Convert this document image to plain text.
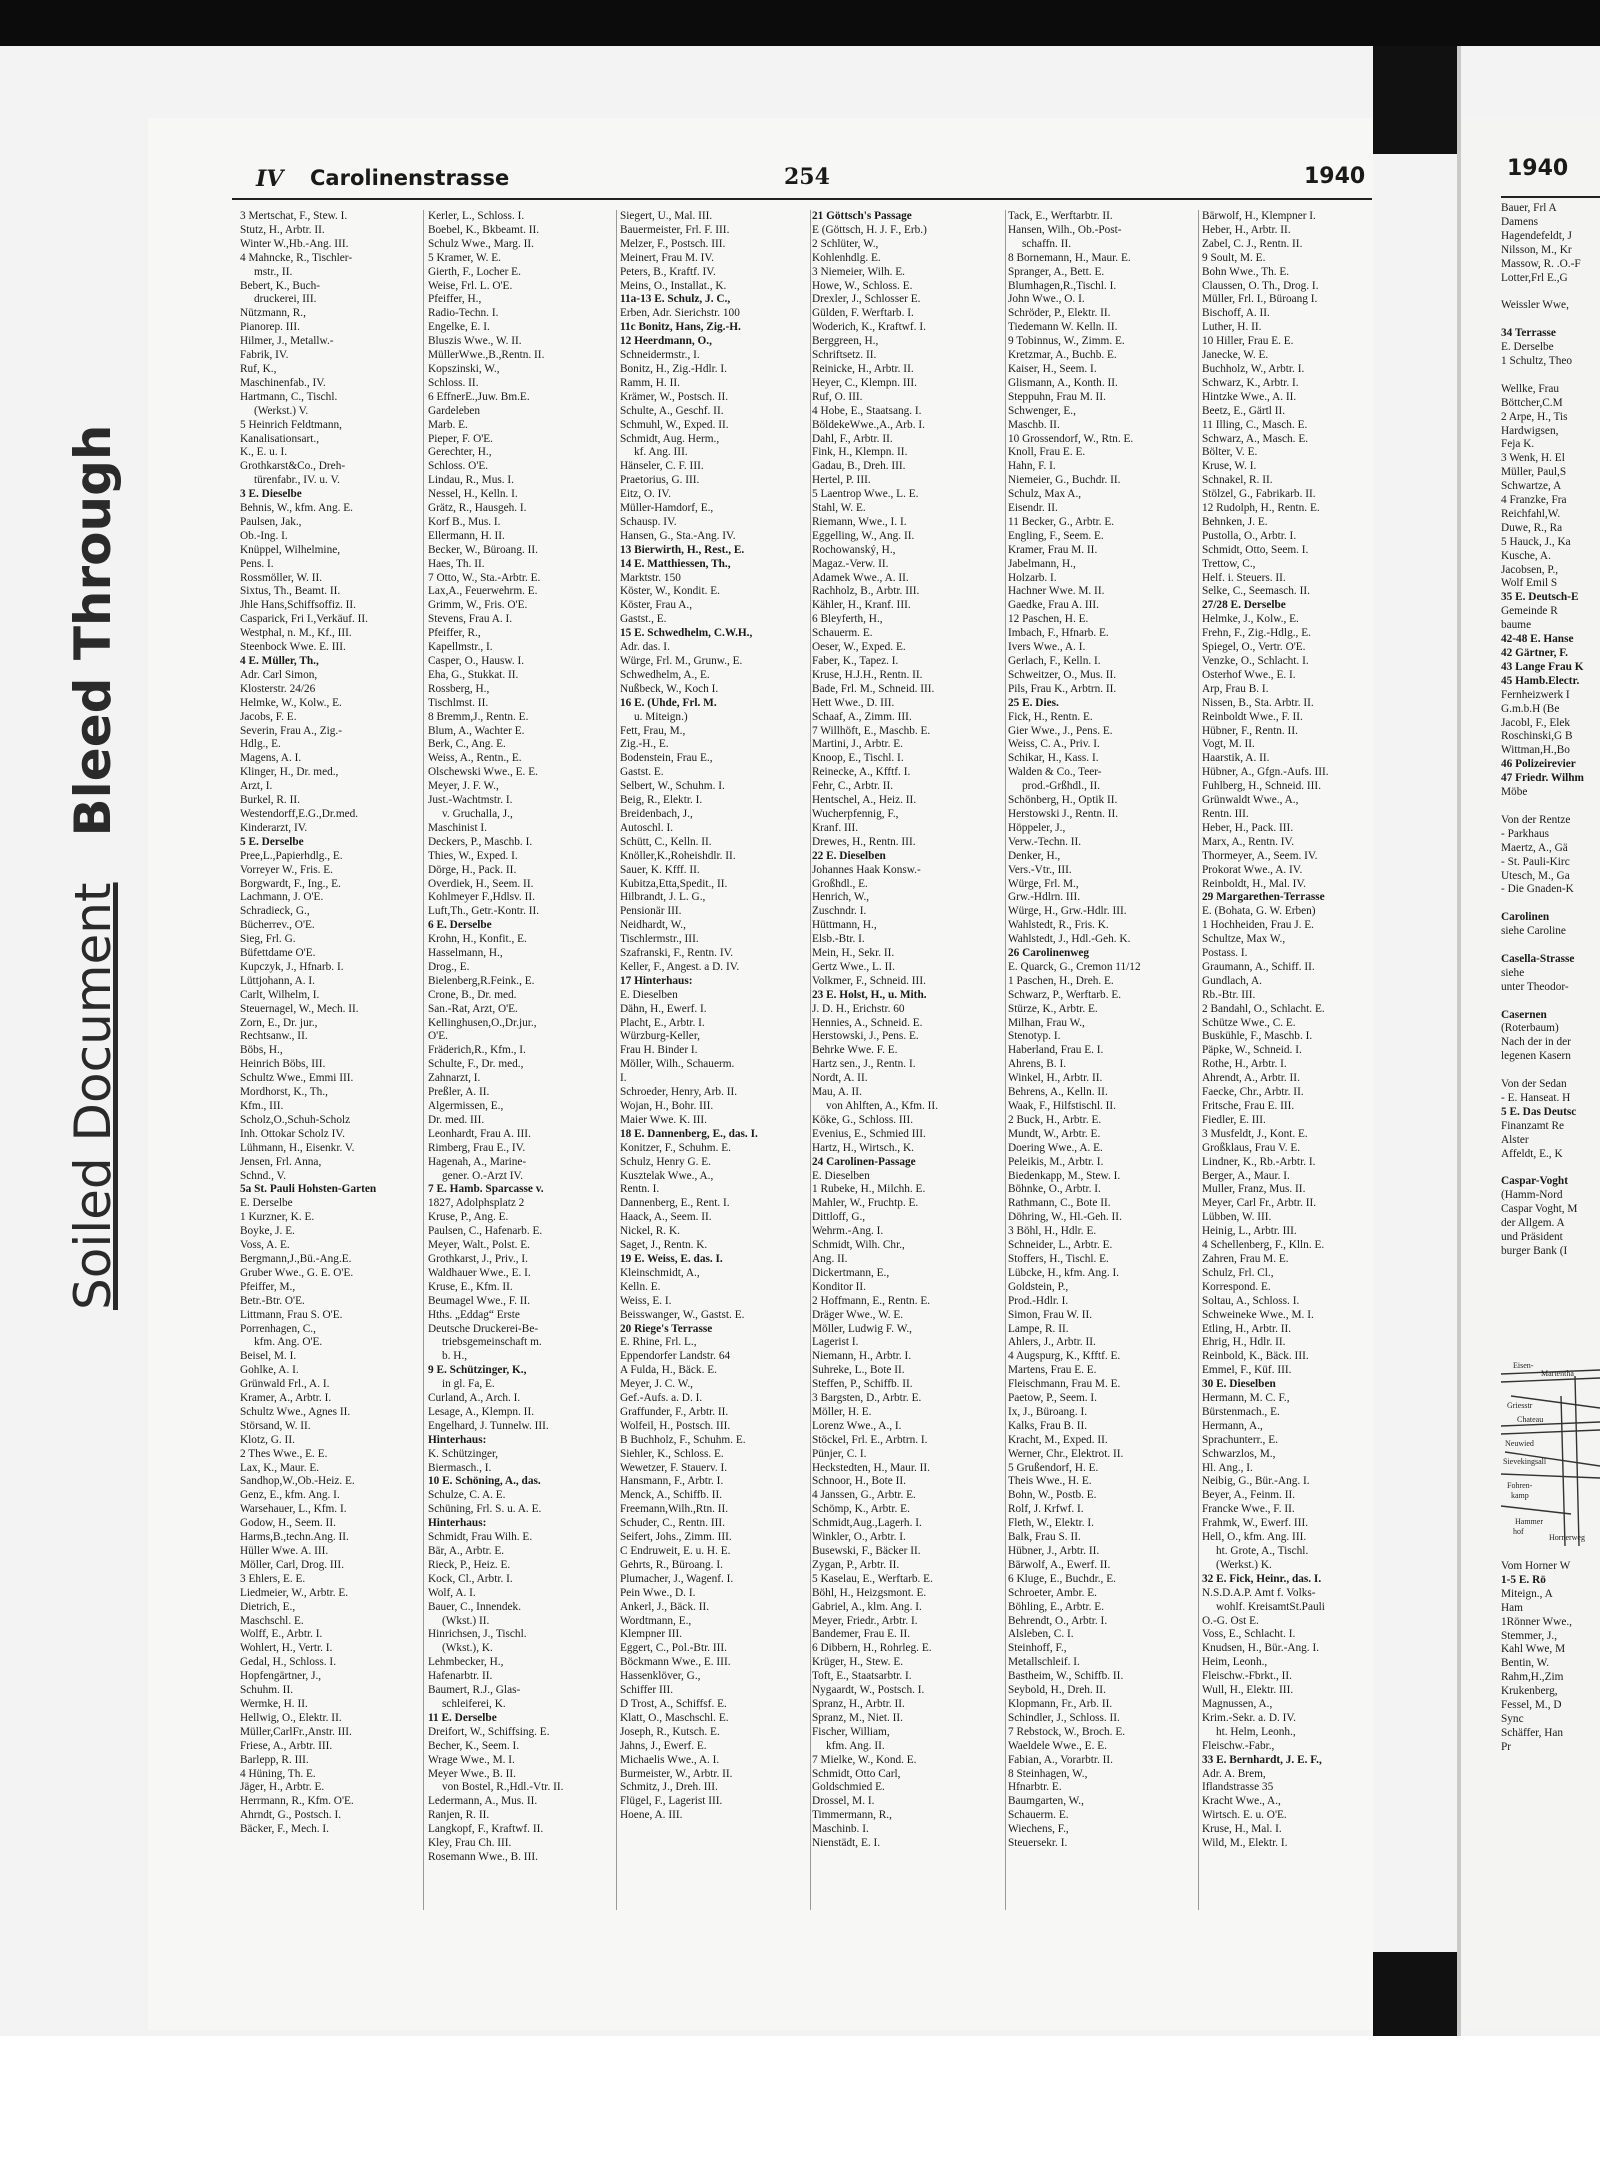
Soiled DocumentBleed Through
IV Carolinenstrasse	254	1940
3 Mertschat, F., Stew. I.
Stutz, H., Arbtr. II.
Winter W.,Hb.-Ang. III.
4 Mahncke, R., Tischler-
mstr., II.
Bebert, K., Buch-
druckerei, III.
Nützmann, R.,
Pianorep. III.
Hilmer, J., Metallw.-
Fabrik, IV.
Ruf, K.,
Maschinenfab., IV.
Hartmann, C., Tischl.
(Werkst.) V.
5 Heinrich Feldtmann,
Kanalisationsart.,
K., E. u. I.
Grothkarst&Co., Dreh-
türenfabr., IV. u. V.
3 E. Dieselbe
Behnis, W., kfm. Ang. E.
Paulsen, Jak.,
Ob.-Ing. I.
Knüppel, Wilhelmine,
Pens. I.
Rossmöller, W. II.
Sixtus, Th., Beamt. II.
Jhle Hans,Schiffsoffiz. II.
Casparick, Fri I.,Verkäuf. II.
Westphal, n. M., Kf., III.
Steenbock Wwe. E. III.
4 E. Müller, Th.,
Adr. Carl Simon,
Klosterstr. 24/26
Helmke, W., Kolw., E.
Jacobs, F. E.
Severin, Frau A., Zig.-
Hdlg., E.
Magens, A. I.
Klinger, H., Dr. med.,
Arzt, I.
Burkel, R. II.
Westendorff,E.G.,Dr.med.
Kinderarzt, IV.
5 E. Derselbe
Pree,L.,Papierhdlg., E.
Vorreyer W., Fris. E.
Borgwardt, F., Ing., E.
Lachmann, J. O'E.
Schradieck, G.,
Bücherrev., O'E.
Sieg, Frl. G.
Büfettdame O'E.
Kupczyk, J., Hfnarb. I.
Lüttjohann, A. I.
Carlt, Wilhelm, I.
Steuernagel, W., Mech. II.
Zorn, E., Dr. jur.,
Rechtsanw., II.
Böbs, H.,
Heinrich Böbs, III.
Schultz Wwe., Emmi III.
Mordhorst, K., Th.,
Kfm., III.
Scholz,O.,Schuh-Scholz
Inh. Ottokar Scholz IV.
Lühmann, H., Eisenkr. V.
Jensen, Frl. Anna,
Schnd., V.
5a St. Pauli Hohsten-Garten
E. Derselbe
1 Kurzner, K. E.
Boyke, J. E.
Voss, A. E.
Bergmann,J.,Bü.-Ang.E.
Gruber Wwe., G. E. O'E.
Pfeiffer, M.,
Betr.-Btr. O'E.
Littmann, Frau S. O'E.
Porrenhagen, C.,
kfm. Ang. O'E.
Beisel, M. I.
Gohlke, A. I.
Grünwald Frl., A. I.
Kramer, A., Arbtr. I.
Schultz Wwe., Agnes II.
Störsand, W. II.
Klotz, G. II.
2 Thes Wwe., E. E.
Lax, K., Maur. E.
Sandhop,W.,Ob.-Heiz. E.
Genz, E., kfm. Ang. I.
Warsehauer, L., Kfm. I.
Godow, H., Seem. II.
Harms,B.,techn.Ang. II.
Hüller Wwe. A. III.
Möller, Carl, Drog. III.
3 Ehlers, E. E.
Liedmeier, W., Arbtr. E.
Dietrich, E.,
Maschschl. E.
Wolff, E., Arbtr. I.
Wohlert, H., Vertr. I.
Gedal, H., Schloss. I.
Hopfengärtner, J.,
Schuhm. II.
Wermke, H. II.
Hellwig, O., Elektr. II.
Müller,CarlFr.,Anstr. III.
Friese, A., Arbtr. III.
Barlepp, R. III.
4 Hüning, Th. E.
Jäger, H., Arbtr. E.
Herrmann, R., Kfm. O'E.
Ahrndt, G., Postsch. I.
Bäcker, F., Mech. I.
Kerler, L., Schloss. I.
Boebel, K., Bkbeamt. II.
Schulz Wwe., Marg. II.
5 Kramer, W. E.
Gierth, F., Locher E.
Weise, Frl. L. O'E.
Pfeiffer, H.,
Radio-Techn. I.
Engelke, E. I.
Bluszis Wwe., W. II.
MüllerWwe.,B.,Rentn. II.
Kopszinski, W.,
Schloss. II.
6 EffnerE.,Juw. Bm.E.
Gardeleben
Marb. E.
Pieper, F. O'E.
Gerechter, H.,
Schloss. O'E.
Lindau, R., Mus. I.
Nessel, H., Kelln. I.
Grätz, R., Hausgeh. I.
Korf B., Mus. I.
Ellermann, H. II.
Becker, W., Büroang. II.
Haes, Th. II.
7 Otto, W., Sta.-Arbtr. E.
Lax,A., Feuerwehrm. E.
Grimm, W., Fris. O'E.
Stevens, Frau A. I.
Pfeiffer, R.,
Kapellmstr., I.
Casper, O., Hausw. I.
Eha, G., Stukkat. II.
Rossberg, H.,
Tischlmst. II.
8 Bremm,J., Rentn. E.
Blum, A., Wachter E.
Berk, C., Ang. E.
Weiss, A., Rentn., E.
Olschewski Wwe., E. E.
Meyer, J. F. W.,
Just.-Wachtmstr. I.
v. Gruchalla, J.,
Maschinist I.
Deckers, P., Maschb. I.
Thies, W., Exped. I.
Dörge, H., Pack. II.
Overdiek, H., Seem. II.
Kohlmeyer F.,Hdlsv. II.
Luft,Th., Getr.-Kontr. II.
6 E. Derselbe
Krohn, H., Konfit., E.
Hasselmann, H.,
Drog., E.
Bielenberg,R.Feink., E.
Crone, B., Dr. med.
San.-Rat, Arzt, O'E.
Kellinghusen,O.,Dr.jur.,
O'E.
Fräderich,R., Kfm., I.
Schulte, F., Dr. med.,
Zahnarzt, I.
Preßler, A. II.
Algermissen, E.,
Dr. med. III.
Leonhardt, Frau A. III.
Rimberg, Frau E., IV.
Hagenah, A., Marine-
gener. O.-Arzt IV.
7 E. Hamb. Sparcasse v.
1827, Adolphsplatz 2
Kruse, P., Ang. E.
Paulsen, C., Hafenarb. E.
Meyer, Walt., Polst. E.
Grothkarst, J., Priv., I.
Waldhauer Wwe., E. I.
Kruse, E., Kfm. II.
Beumagel Wwe., F. II.
Hths. „Eddag“ Erste
Deutsche Druckerei-Be-
triebsgemeinschaft m.
b. H.,
9 E. Schützinger, K.,
in gl. Fa, E.
Curland, A., Arch. I.
Lesage, A., Klempn. II.
Engelhard, J. Tunnelw. III.
Hinterhaus:
K. Schützinger,
Biermasch., I.
10 E. Schöning, A., das.
Schulze, C. A. E.
Schüning, Frl. S. u. A. E.
Hinterhaus:
Schmidt, Frau Wilh. E.
Bär, A., Arbtr. E.
Rieck, P., Heiz. E.
Kock, Cl., Arbtr. I.
Wolf, A. I.
Bauer, C., Innendek.
(Wkst.) II.
Hinrichsen, J., Tischl.
(Wkst.), K.
Lehmbecker, H.,
Hafenarbtr. II.
Baumert, R.J., Glas-
schleiferei, K.
11 E. Derselbe
Dreifort, W., Schiffsing. E.
Becher, K., Seem. I.
Wrage Wwe., M. I.
Meyer Wwe., B. II.
von Bostel, R.,Hdl.-Vtr. II.
Ledermann, A., Mus. II.
Ranjen, R. II.
Langkopf, F., Kraftwf. II.
Kley, Frau Ch. III.
Rosemann Wwe., B. III.
Siegert, U., Mal. III.
Bauermeister, Frl. F. III.
Melzer, F., Postsch. III.
Meinert, Frau M. IV.
Peters, B., Kraftf. IV.
Meins, O., Installat., K.
11a-13 E. Schulz, J. C.,
Erben, Adr. Sierichstr. 100
11c Bonitz, Hans, Zig.-H.
12 Heerdmann, O.,
Schneidermstr., I.
Bonitz, H., Zig.-Hdlr. I.
Ramm, H. II.
Krämer, W., Postsch. II.
Schulte, A., Geschf. II.
Schmuhl, W., Exped. II.
Schmidt, Aug. Herm.,
kf. Ang. III.
Hänseler, C. F. III.
Praetorius, G. III.
Eitz, O. IV.
Müller-Hamdorf, E.,
Schausp. IV.
Hansen, G., Sta.-Ang. IV.
13 Bierwirth, H., Rest., E.
14 E. Matthiessen, Th.,
Marktstr. 150
Köster, W., Kondit. E.
Köster, Frau A.,
Gastst., E.
15 E. Schwedhelm, C.W.H.,
Adr. das. I.
Würge, Frl. M., Grunw., E.
Schwedhelm, A., E.
Nußbeck, W., Koch I.
16 E. (Uhde, Frl. M.
u. Miteign.)
Fett, Frau, M.,
Zig.-H., E.
Bodenstein, Frau E.,
Gastst. E.
Selbert, W., Schuhm. I.
Beig, R., Elektr. I.
Breidenbach, J.,
Autoschl. I.
Schütt, C., Kelln. II.
Knöller,K.,Roheishdlr. II.
Sauer, K. Kfff. II.
Kubitza,Etta,Spedit., II.
Hilbrandt, J. L. G.,
Pensionär III.
Neidhardt, W.,
Tischlermstr., III.
Szafranski, F., Rentn. IV.
Keller, F., Angest. a D. IV.
17 Hinterhaus:
E. Dieselben
Dähn, H., Ewerf. I.
Placht, E., Arbtr. I.
Würzburg-Keller,
Frau H. Binder I.
Möller, Wilh., Schauerm.
I.
Schroeder, Henry, Arb. II.
Wojan, H., Bohr. III.
Maier Wwe. K. III.
18 E. Dannenberg, E., das. I.
Konitzer, F., Schuhm. E.
Schulz, Henry G. E.
Kusztelak Wwe., A.,
Rentn. I.
Dannenberg, E., Rent. I.
Haack, A., Seem. II.
Nickel, R. K.
Saget, J., Rentn. K.
19 E. Weiss, E. das. I.
Kleinschmidt, A.,
Kelln. E.
Weiss, E. I.
Beisswanger, W., Gastst. E.
20 Riege's Terrasse
E. Rhine, Frl. L.,
Eppendorfer Landstr. 64
A Fulda, H., Bäck. E.
Meyer, J. C. W.,
Gef.-Aufs. a. D. I.
Graffunder, F., Arbtr. II.
Wolfeil, H., Postsch. III.
B Buchholz, F., Schuhm. E.
Siehler, K., Schloss. E.
Wewetzer, F. Stauerv. I.
Hansmann, F., Arbtr. I.
Menck, A., Schiffb. II.
Freemann,Wilh.,Rtn. II.
Schuder, C., Rentn. III.
Seifert, Johs., Zimm. III.
C Endruweit, E. u. H. E.
Gehrts, R., Büroang. I.
Plumacher, J., Wagenf. I.
Pein Wwe., D. I.
Ankerl, J., Bäck. II.
Wordtmann, E.,
Klempner III.
Eggert, C., Pol.-Btr. III.
Böckmann Wwe., E. III.
Hassenklöver, G.,
Schiffer III.
D Trost, A., Schiffsf. E.
Klatt, O., Maschschl. E.
Joseph, R., Kutsch. E.
Jahns, J., Ewerf. E.
Michaelis Wwe., A. I.
Burmeister, W., Arbtr. II.
Schmitz, J., Dreh. III.
Flügel, F., Lagerist III.
Hoene, A. III.
21 Göttsch's Passage
E (Göttsch, H. J. F., Erb.)
2 Schlüter, W.,
Kohlenhdlg. E.
3 Niemeier, Wilh. E.
Howe, W., Schloss. E.
Drexler, J., Schlosser E.
Gülden, F. Werftarb. I.
Woderich, K., Kraftwf. I.
Berggreen, H.,
Schriftsetz. II.
Reinicke, H., Arbtr. II.
Heyer, C., Klempn. III.
Ruf, O. III.
4 Hobe, E., Staatsang. I.
BöldekeWwe.,A., Arb. I.
Dahl, F., Arbtr. II.
Fink, H., Klempn. II.
Gadau, B., Dreh. III.
Hertel, P. III.
5 Laentrop Wwe., L. E.
Stahl, W. E.
Riemann, Wwe., I. I.
Eggelling, W., Ang. II.
Rochowanský, H.,
Magaz.-Verw. II.
Adamek Wwe., A. II.
Rachholz, B., Arbtr. III.
Kähler, H., Kranf. III.
6 Bleyferth, H.,
Schauerm. E.
Oeser, W., Exped. E.
Faber, K., Tapez. I.
Kruse, H.J.H., Rentn. II.
Bade, Frl. M., Schneid. III.
Hett Wwe., D. III.
Schaaf, A., Zimm. III.
7 Willhöft, E., Maschb. E.
Martini, J., Arbtr. E.
Knoop, E., Tischl. I.
Reinecke, A., Kfftf. I.
Fehr, C., Arbtr. II.
Hentschel, A., Heiz. II.
Wucherpfennig, F.,
Kranf. III.
Drewes, H., Rentn. III.
22 E. Dieselben
Johannes Haak Konsw.-
Großhdl., E.
Henrich, W.,
Zuschndr. I.
Hüttmann, H.,
Elsb.-Btr. I.
Mein, H., Sekr. II.
Gertz Wwe., L. II.
Volkmer, F., Schneid. III.
23 E. Holst, H., u. Mith.
J. D. H., Erichstr. 60
Hennies, A., Schneid. E.
Herstowski, J., Pens. E.
Behrke Wwe. F. E.
Hartz sen., J., Rentn. I.
Nordt, A. II.
Mau, A. II.
von Ahlften, A., Kfm. II.
Köke, G., Schloss. III.
Evenius, E., Schmied III.
Hartz, H., Wirtsch., K.
24 Carolinen-Passage
E. Dieselben
1 Rubeke, H., Milchh. E.
Mahler, W., Fruchtp. E.
Dittloff, G.,
Wehrm.-Ang. I.
Schmidt, Wilh. Chr.,
Ang. II.
Dickertmann, E.,
Konditor II.
2 Hoffmann, E., Rentn. E.
Dräger Wwe., W. E.
Möller, Ludwig F. W.,
Lagerist I.
Niemann, H., Arbtr. I.
Suhreke, L., Bote II.
Steffen, P., Schiffb. II.
3 Bargsten, D., Arbtr. E.
Möller, H. E.
Lorenz Wwe., A., I.
Stöckel, Frl. E., Arbtrn. I.
Pünjer, C. I.
Heckstedten, H., Maur. II.
Schnoor, H., Bote II.
4 Janssen, G., Arbtr. E.
Schömp, K., Arbtr. E.
Schmidt,Aug.,Lagerh. I.
Winkler, O., Arbtr. I.
Busewski, F., Bäcker II.
Zygan, P., Arbtr. II.
5 Kaselau, E., Werftarb. E.
Böhl, H., Heizgsmont. E.
Gabriel, A., klm. Ang. I.
Meyer, Friedr., Arbtr. I.
Bandemer, Frau E. II.
6 Dibbern, H., Rohrleg. E.
Krüger, H., Stew. E.
Toft, E., Staatsarbtr. I.
Nygaardt, W., Postsch. I.
Spranz, H., Arbtr. II.
Spranz, M., Niet. II.
Fischer, William,
kfm. Ang. II.
7 Mielke, W., Kond. E.
Schmidt, Otto Carl,
Goldschmied E.
Drossel, M. I.
Timmermann, R.,
Maschinb. I.
Nienstädt, E. I.
Tack, E., Werftarbtr. II.
Hansen, Wilh., Ob.-Post-
schaffn. II.
8 Bornemann, H., Maur. E.
Spranger, A., Bett. E.
Blumhagen,R.,Tischl. I.
John Wwe., O. I.
Schröder, P., Elektr. II.
Tiedemann W. Kelln. II.
9 Tobinnus, W., Zimm. E.
Kretzmar, A., Buchb. E.
Kaiser, H., Seem. I.
Glismann, A., Konth. II.
Steppuhn, Frau M. II.
Schwenger, E.,
Maschb. II.
10 Grossendorf, W., Rtn. E.
Knoll, Frau E. E.
Hahn, F. I.
Niemeier, G., Buchdr. II.
Schulz, Max A.,
Eisendr. II.
11 Becker, G., Arbtr. E.
Engling, F., Seem. E.
Kramer, Frau M. II.
Jabelmann, H.,
Holzarb. I.
Hachner Wwe. M. II.
Gaedke, Frau A. III.
12 Paschen, H. E.
Imbach, F., Hfnarb. E.
Ivers Wwe., A. I.
Gerlach, F., Kelln. I.
Schweitzer, O., Mus. II.
Pils, Frau K., Arbtrn. II.
25 E. Dies.
Fick, H., Rentn. E.
Gier Wwe., J., Pens. E.
Weiss, C. A., Priv. I.
Schikar, H., Kass. I.
Walden & Co., Teer-
prod.-Grßhdl., II.
Schönberg, H., Optik II.
Herstowski J., Rentn. II.
Höppeler, J.,
Verw.-Techn. II.
Denker, H.,
Vers.-Vtr., III.
Würge, Frl. M.,
Grw.-Hdlrn. III.
Würge, H., Grw.-Hdlr. III.
Wahlstedt, R., Fris. K.
Wahlstedt, J., Hdl.-Geh. K.
26 Carolinenweg
E. Quarck, G., Cremon 11/12
1 Paschen, H., Dreh. E.
Schwarz, P., Werftarb. E.
Stürze, K., Arbtr. E.
Milhan, Frau W.,
Stenotyp. I.
Haberland, Frau E. I.
Ahrens, B. I.
Winkel, H., Arbtr. II.
Behrens, A., Kelln. II.
Waak, F., Hilfstischl. II.
2 Buck, H., Arbtr. E.
Mundt, W., Arbtr. E.
Doering Wwe., A. E.
Peleikis, M., Arbtr. I.
Biedenkapp, M., Stew. I.
Böhnke, O., Arbtr. I.
Rathmann, C., Bote II.
Döhring, W., Hl.-Geh. II.
3 Böhl, H., Hdlr. E.
Schneider, L., Arbtr. E.
Stoffers, H., Tischl. E.
Lübcke, H., kfm. Ang. I.
Goldstein, P.,
Prod.-Hdlr. I.
Simon, Frau W. II.
Lampe, R. II.
Ahlers, J., Arbtr. II.
4 Augspurg, K., Kfftf. E.
Martens, Frau E. E.
Fleischmann, Frau M. E.
Paetow, P., Seem. I.
Ix, J., Büroang. I.
Kalks, Frau B. II.
Kracht, M., Exped. II.
Werner, Chr., Elektrot. II.
5 Grußendorf, H. E.
Theis Wwe., H. E.
Bohn, W., Postb. E.
Rolf, J. Krfwf. I.
Fleth, W., Elektr. I.
Balk, Frau S. II.
Hübner, J., Arbtr. II.
Bärwolf, A., Ewerf. II.
6 Kluge, E., Buchdr., E.
Schroeter, Ambr. E.
Böhling, E., Arbtr. E.
Behrendt, O., Arbtr. I.
Alsleben, C. I.
Steinhoff, F.,
Metallschleif. I.
Bastheim, W., Schiffb. II.
Seybold, H., Dreh. II.
Klopmann, Fr., Arb. II.
Schindler, J., Schloss. II.
7 Rebstock, W., Broch. E.
Waeldele Wwe., E. E.
Fabian, A., Vorarbtr. II.
8 Steinhagen, W.,
Hfnarbtr. E.
Baumgarten, W.,
Schauerm. E.
Wiechens, F.,
Steuersekr. I.
Bärwolf, H., Klempner I.
Heber, H., Arbtr. II.
Zabel, C. J., Rentn. II.
9 Soult, M. E.
Bohn Wwe., Th. E.
Claussen, O. Th., Drog. I.
Müller, Frl. I., Büroang I.
Bischoff, A. II.
Luther, H. II.
10 Hiller, Frau E. E.
Janecke, W. E.
Buchholz, W., Arbtr. I.
Schwarz, K., Arbtr. I.
Hintzke Wwe., A. II.
Beetz, E., Gärtl II.
11 Illing, C., Masch. E.
Schwarz, A., Masch. E.
Bölter, V. E.
Kruse, W. I.
Schnakel, R. II.
Stölzel, G., Fabrikarb. II.
12 Rudolph, H., Rentn. E.
Behnken, J. E.
Pustolla, O., Arbtr. I.
Schmidt, Otto, Seem. I.
Trettow, C.,
Helf. i. Steuers. II.
Selke, C., Seemasch. II.
27/28 E. Derselbe
Helmke, J., Kolw., E.
Frehn, F., Zig.-Hdlg., E.
Spiegel, O., Vertr. O'E.
Venzke, O., Schlacht. I.
Osterhof Wwe., E. I.
Arp, Frau B. I.
Nissen, B., Sta. Arbtr. II.
Reinboldt Wwe., F. II.
Hübner, F., Rentn. II.
Vogt, M. II.
Haarstik, A. II.
Hübner, A., Gfgn.-Aufs. III.
Fuhlberg, H., Schneid. III.
Grünwaldt Wwe., A.,
Rentn. III.
Heber, H., Pack. III.
Marx, A., Rentn. IV.
Thormeyer, A., Seem. IV.
Prokorat Wwe., A. IV.
Reinboldt, H., Mal. IV.
29 Margarethen-Terrasse
E. (Bohata, G. W. Erben)
1 Hochheiden, Frau J. E.
Schultze, Max W.,
Postass. I.
Graumann, A., Schiff. II.
Gundlach, A.
Rb.-Btr. III.
2 Bandahl, O., Schlacht. E.
Schütze Wwe., C. E.
Buskühle, F., Maschb. I.
Päpke, W., Schneid. I.
Rothe, H., Arbtr. I.
Ahrendt, A., Arbtr. II.
Faecke, Chr., Arbtr. II.
Fritsche, Frau E. III.
Fiedler, E. III.
3 Musfeldt, J., Kont. E.
Großklaus, Frau V. E.
Lindner, K., Rb.-Arbtr. I.
Berger, A., Maur. I.
Muller, Franz, Mus. II.
Meyer, Carl Fr., Arbtr. II.
Lübben, W. III.
Heinig, L., Arbtr. III.
4 Schellenberg, F., Klln. E.
Zahren, Frau M. E.
Schulz, Frl. Cl.,
Korrespond. E.
Soltau, A., Schloss. I.
Schweineke Wwe., M. I.
Etling, H., Arbtr. II.
Ehrig, H., Hdlr. II.
Reinbold, K., Bäck. III.
Emmel, F., Küf. III.
30 E. Dieselben
Hermann, M. C. F.,
Bürstenmach., E.
Hermann, A.,
Sprachunterr., E.
Schwarzlos, M.,
Hl. Ang., I.
Neibig, G., Bür.-Ang. I.
Beyer, A., Feinm. II.
Francke Wwe., F. II.
Frahmk, W., Ewerf. III.
Hell, O., kfm. Ang. III.
ht. Grote, A., Tischl.
(Werkst.) K.
32 E. Fick, Heinr., das. I.
N.S.D.A.P. Amt f. Volks-
wohlf. KreisamtSt.Pauli
O.-G. Ost E.
Voss, E., Schlacht. I.
Knudsen, H., Bür.-Ang. I.
Heim, Leonh.,
Fleischw.-Fbrkt., II.
Wull, H., Elektr. III.
Magnussen, A.,
Krim.-Sekr. a. D. IV.
ht. Helm, Leonh.,
Fleischw.-Fabr.,
33 E. Bernhardt, J. E. F.,
Adr. A. Brem,
Iflandstrasse 35
Kracht Wwe., A.,
Wirtsch. E. u. O'E.
Kruse, H., Mal. I.
Wild, M., Elektr. I.
1940
Bauer, Frl A
Damens
Hagendefeldt, J
Nilsson, M., Kr
Massow, R. .O.-F
Lotter,Frl E.,G

Weissler Wwe,

34 Terrasse
E. Derselbe
1 Schultz, Theo

Wellke, Frau
Böttcher,C.M
2 Arpe, H., Tis
Hardwigsen,
Feja K.
3 Wenk, H. El
Müller, Paul,S
Schwartze, A
4 Franzke, Fra
Reichfahl,W.
Duwe, R., Ra
5 Hauck, J., Ka
Kusche, A.
Jacobsen, P.,
Wolf Emil S
35 E. Deutsch-E
Gemeinde R
baume
42-48 E. Hanse
42 Gärtner, F.
43 Lange Frau K
45 Hamb.Electr.
Fernheizwerk I
G.m.b.H (Be
Jacobl, F., Elek
Roschinski,G B
Wittman,H.,Bo
46 Polizeirevier
47 Friedr. Wilhm
Möbe

Von der Rentze
- Parkhaus
Maertz, A., Gä
- St. Pauli-Kirc
Utesch, M., Ga
- Die Gnaden-K

Carolinen
siehe Caroline

Casella-Strasse
siehe
unter Theodor-

Casernen
(Roterbaum)
Nach der in der
legenen Kasern

Von der Sedan
- E. Hanseat. H
5 E. Das Deutsc
Finanzamt Re
Alster
Affeldt, E., K

Caspar-Voght
(Hamm-Nord
Caspar Voght, M
der Allgem. A
und Präsident
burger Bank (I
Eisen-
Martentha
Griesstr
Chateau
Neuwied
Sievekingsall
Fohren-
kamp
Hammer
hof
Hornerweg
Vom Horner W
1-5 E. Rö
Miteign., A
Ham
1Rönner Wwe.,
Stemmer, J.,
Kahl Wwe, M
Bentin, W.
Rahm,H.,Zim
Krukenberg,
Fessel, M., D
Sync
Schäffer, Han
Pr
